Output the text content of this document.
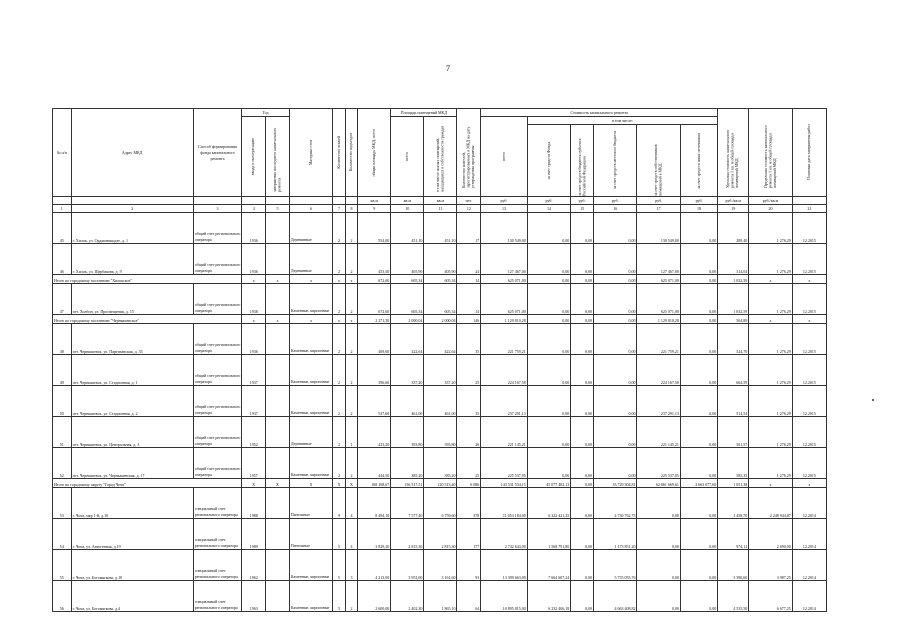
7
№ п/п	Адрес МКД	Способ формирования фонда капитального ремонта	Год		Материал стен	Количество этажей	Количество подъездов	общая площадь МКД, всего	Площадь помещений МКД		Количество жителей, зарегистрированных в МКД на дату утверждения программы	Стоимость капитального ремонта						Удельная стоимость капитального ремонта 1 кв. м общей площади помещений МКД	Предельная стоимость капитального ремонта 1 кв. м общей площади помещений МКД	Плановая дата завершения работ

			ввода в эксплуатацию	завершения последнего капитального ремонта					всего	в том числе жилых помещений, находящихся в собственности граждан		всего	в том числе:							

													за счет средств Фонда	за счет средств бюджета субъекта Российской Федерации	за счет средств местного бюджета	за счет средств собственников помещений в МКД	за счет средств иных источников			

								кв.м	кв.м	кв.м	чел.	руб.	руб.	руб.	руб.	руб.	руб.	руб./кв.м	руб./кв.м	
1	2	3	4	5	6	7	8	9	10	11	12	13	14	15	16	17	18	19	20	21
45	г. Хилок, ул. Орджоникидзе, д. 1	общий счет регионального оператора	1936		Деревянные	2	2	554,00	451,10	451,10	17	130 549,00	0,00	0,00	0,00	130 549,00	0,00	289,40	1 276,29	12.2015
46	г. Хилок, ул. Щербакова, д. 9	общий счет регионального оператора	1936		Деревянные	2	2	453,50	405,90	405,90	24	127 467,00	0,00	0,00	0,00	127 467,00	0,00	314,04	1 276,29	12.2015
Итого по городскому поселению "Хилокское"			x	x	x	x	x	672,60	605,34	605,34	14	625 071,00	0,00	0,00	0,00	625 071,00	0,00	1 032,59	x	x
47	пгт. Холбон, ул. Просвещения, д. 15	общий счет регионального оператора	1938		Каменные, кирпичные	2	2	672,60	605,34	605,34	14	625 071,00	0,00	0,00	0,00	625 071,00	0,00	1 032,59	1 276,29	12.2015
Итого по городскому поселению "Чернышевское"			x	x	x	x	x	2 271,50	2 000,04	2 000,04	146	1 129 810,28	0,00	0,00	0,00	1 129 810,28	0,00	564,89	x	x
48	пгт. Чернышевск, ул. Партизанская, д. 35	общий счет регионального оператора	1936		Каменные, кирпичные	2	2	469,60	422,64	422,64	35	221 759,21	0,00	0,00	0,00	221 759,21	0,00	524,70	1 276,29	12.2015
49	пгт. Чернышевск, ул. Стадионная, д. 1	общий счет регионального оператора	1937		Каменные, кирпичные	2	2	396,60	337,20	337,20	25	224 167,58	0,00	0,00	0,00	224 167,58	0,00	664,59	1 276,29	12.2015
50	пгт. Чернышевск, ул. Стадионная, д. 2	общий счет регионального оператора	1937		Каменные, кирпичные	2	2	537,60	461,00	461,00	35	237 291,13	0,00	0,00	0,00	237 291,13	0,00	514,54	1 276,29	12.2015
51	пгт. Чернышевск, ул. Центральная, д. 3	общий счет регионального оператора	1952		Деревянные	2	1	423,20	393,80	393,80	26	221 145,21	0,00	0,00	0,00	221 145,21	0,00	561,57	1 276,29	12.2015
52	пгт. Чернышевск, ул. Чернышевская, д. 17	общий счет регионального оператора	1957		Каменные, кирпичные	2	2	444,50	385,20	385,20	25	225 537,05	0,00	0,00	0,00	225 537,05	0,00	585,35	1 276,29	12.2015
Итого по городскому округу "Город Чита"			X	X	X	X	X	168 168,67	136 517,51	120 513,40	6 086	143 531 534,15	45 077 482,13	0,00	33 729 304,81	62 061 669,61	2 663 077,60	1 051,38	x	x
53	г. Чита, мкр 1-й, д.10	специальный счет регионального оператора	1988		Панельные	9	4	8 494,10	7 577,40	6 759,60	378	11 053 184,00	6 322 421,25	0,00	4 730 762,75	0,00	0,00	1 458,70	2 248 944,87	12.2014
54	г. Чита, ул. Автогенная, д.19	специальный счет регионального оператора	1989		Панельные	5	4	3 829,20	2 815,30	2 815,30	177	2 742 643,00	1 568 791,80	0,00	1 173 851,20	0,00	0,00	974,12	2 690,00	12.2014
55	г. Чита, ул. Богомягкова, д.10	специальный счет регионального оператора	1962		Каменные, кирпичные	5	3	4 213,00	3 952,00	3 161,60	93	13 399 663,00	7 664 607,24	0,00	5 735 055,76	0,00	0,00	3 390,60	3 987,25	12.2014
56	г. Чита, ул. Богомягкова, д.4	специальный счет регионального оператора	1963		Каменные, кирпичные	5	2	2 600,00	2 402,30	1 865,10	64	10 895 815,00	6 232 406,18	0,00	4 663 408,82	0,00	0,00	4 535,50	6 677,25	12.2014
